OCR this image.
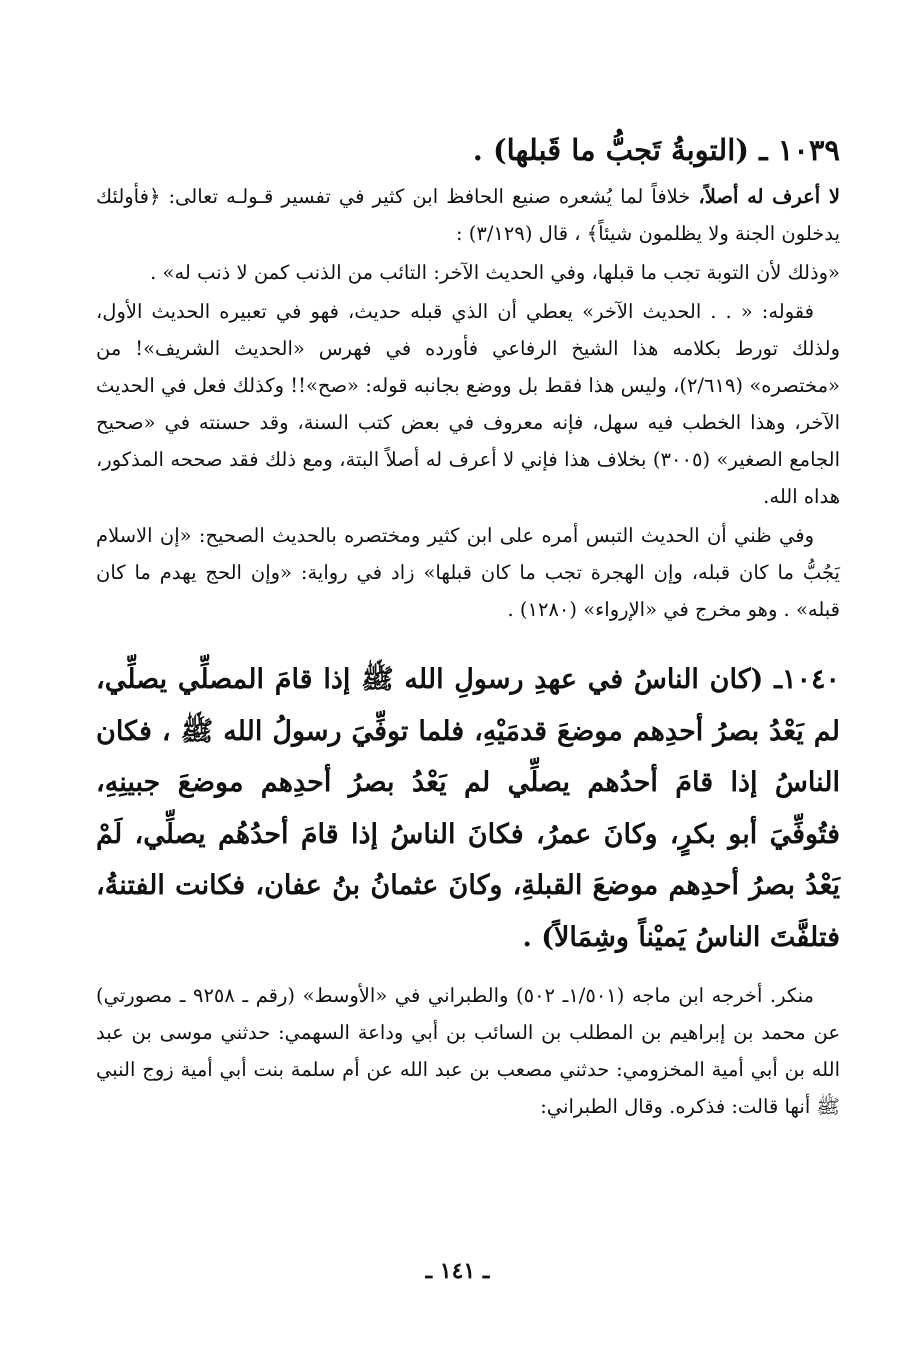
١٠٣٩ ـ (التوبةُ تَجبُّ ما قَبلها) .

لا أعرف له أصلاً، خلافاً لما يُشعره صنيع الحافظ ابن كثير في تفسير قـولـه تعالى: ﴿فأولئك يدخلون الجنة ولا يظلمون شيئاً﴾ ، قال (٣/١٢٩) :

«وذلك لأن التوبة تجب ما قبلها، وفي الحديث الآخر: التائب من الذنب كمن لا ذنب له» .

فقوله: « . . الحديث الآخر» يعطي أن الذي قبله حديث، فهو في تعبيره الحديث الأول، ولذلك تورط بكلامه هذا الشيخ الرفاعي فأورده في فهرس «الحديث الشريف»! من «مختصره» (٢/٦١٩)، وليس هذا فقط بل ووضع بجانبه قوله: «صح»!! وكذلك فعل في الحديث الآخر، وهذا الخطب فيه سهل، فإنه معروف في بعض كتب السنة، وقد حسنته في «صحيح الجامع الصغير» (٣٠٠٥) بخلاف هذا فإني لا أعرف له أصلاً البتة، ومع ذلك فقد صححه المذكور، هداه الله.

وفي ظني أن الحديث التبس أمره على ابن كثير ومختصره بالحديث الصحيح: «إن الاسلام يَجُبُّ ما كان قبله، وإن الهجرة تجب ما كان قبلها» زاد في رواية: «وإن الحج يهدم ما كان قبله» . وهو مخرج في «الإرواء» (١٢٨٠) .

١٠٤٠ـ (كان الناسُ في عهدِ رسولِ الله ﷺ إذا قامَ المصلِّي يصلِّي، لم يَعْدُ بصرُ أحدِهم موضعَ قدمَيْهِ، فلما توفِّيَ رسولُ الله ﷺ ، فكان الناسُ إذا قامَ أحدُهم يصلِّي لم يَعْدُ بصرُ أحدِهم موضعَ جبينِهِ، فتُوفِّيَ أبو بكرٍ، وكانَ عمرُ، فكانَ الناسُ إذا قامَ أحدُهُم يصلِّي، لَمْ يَعْدُ بصرُ أحدِهم موضعَ القبلةِ، وكانَ عثمانُ بنُ عفان، فكانت الفتنةُ، فتلفَّتَ الناسُ يَميْناً وشِمَالاً) .

منكر. أخرجه ابن ماجه (١/٥٠١ـ ٥٠٢) والطبراني في «الأوسط» (رقم ـ ٩٢٥٨ ـ مصورتي) عن محمد بن إبراهيم بن المطلب بن السائب بن أبي وداعة السهمي: حدثني موسى بن عبد الله بن أبي أمية المخزومي: حدثني مصعب بن عبد الله عن أم سلمة بنت أبي أمية زوج النبي ﷺ أنها قالت: فذكره. وقال الطبراني:

ـ ١٤١ ـ
